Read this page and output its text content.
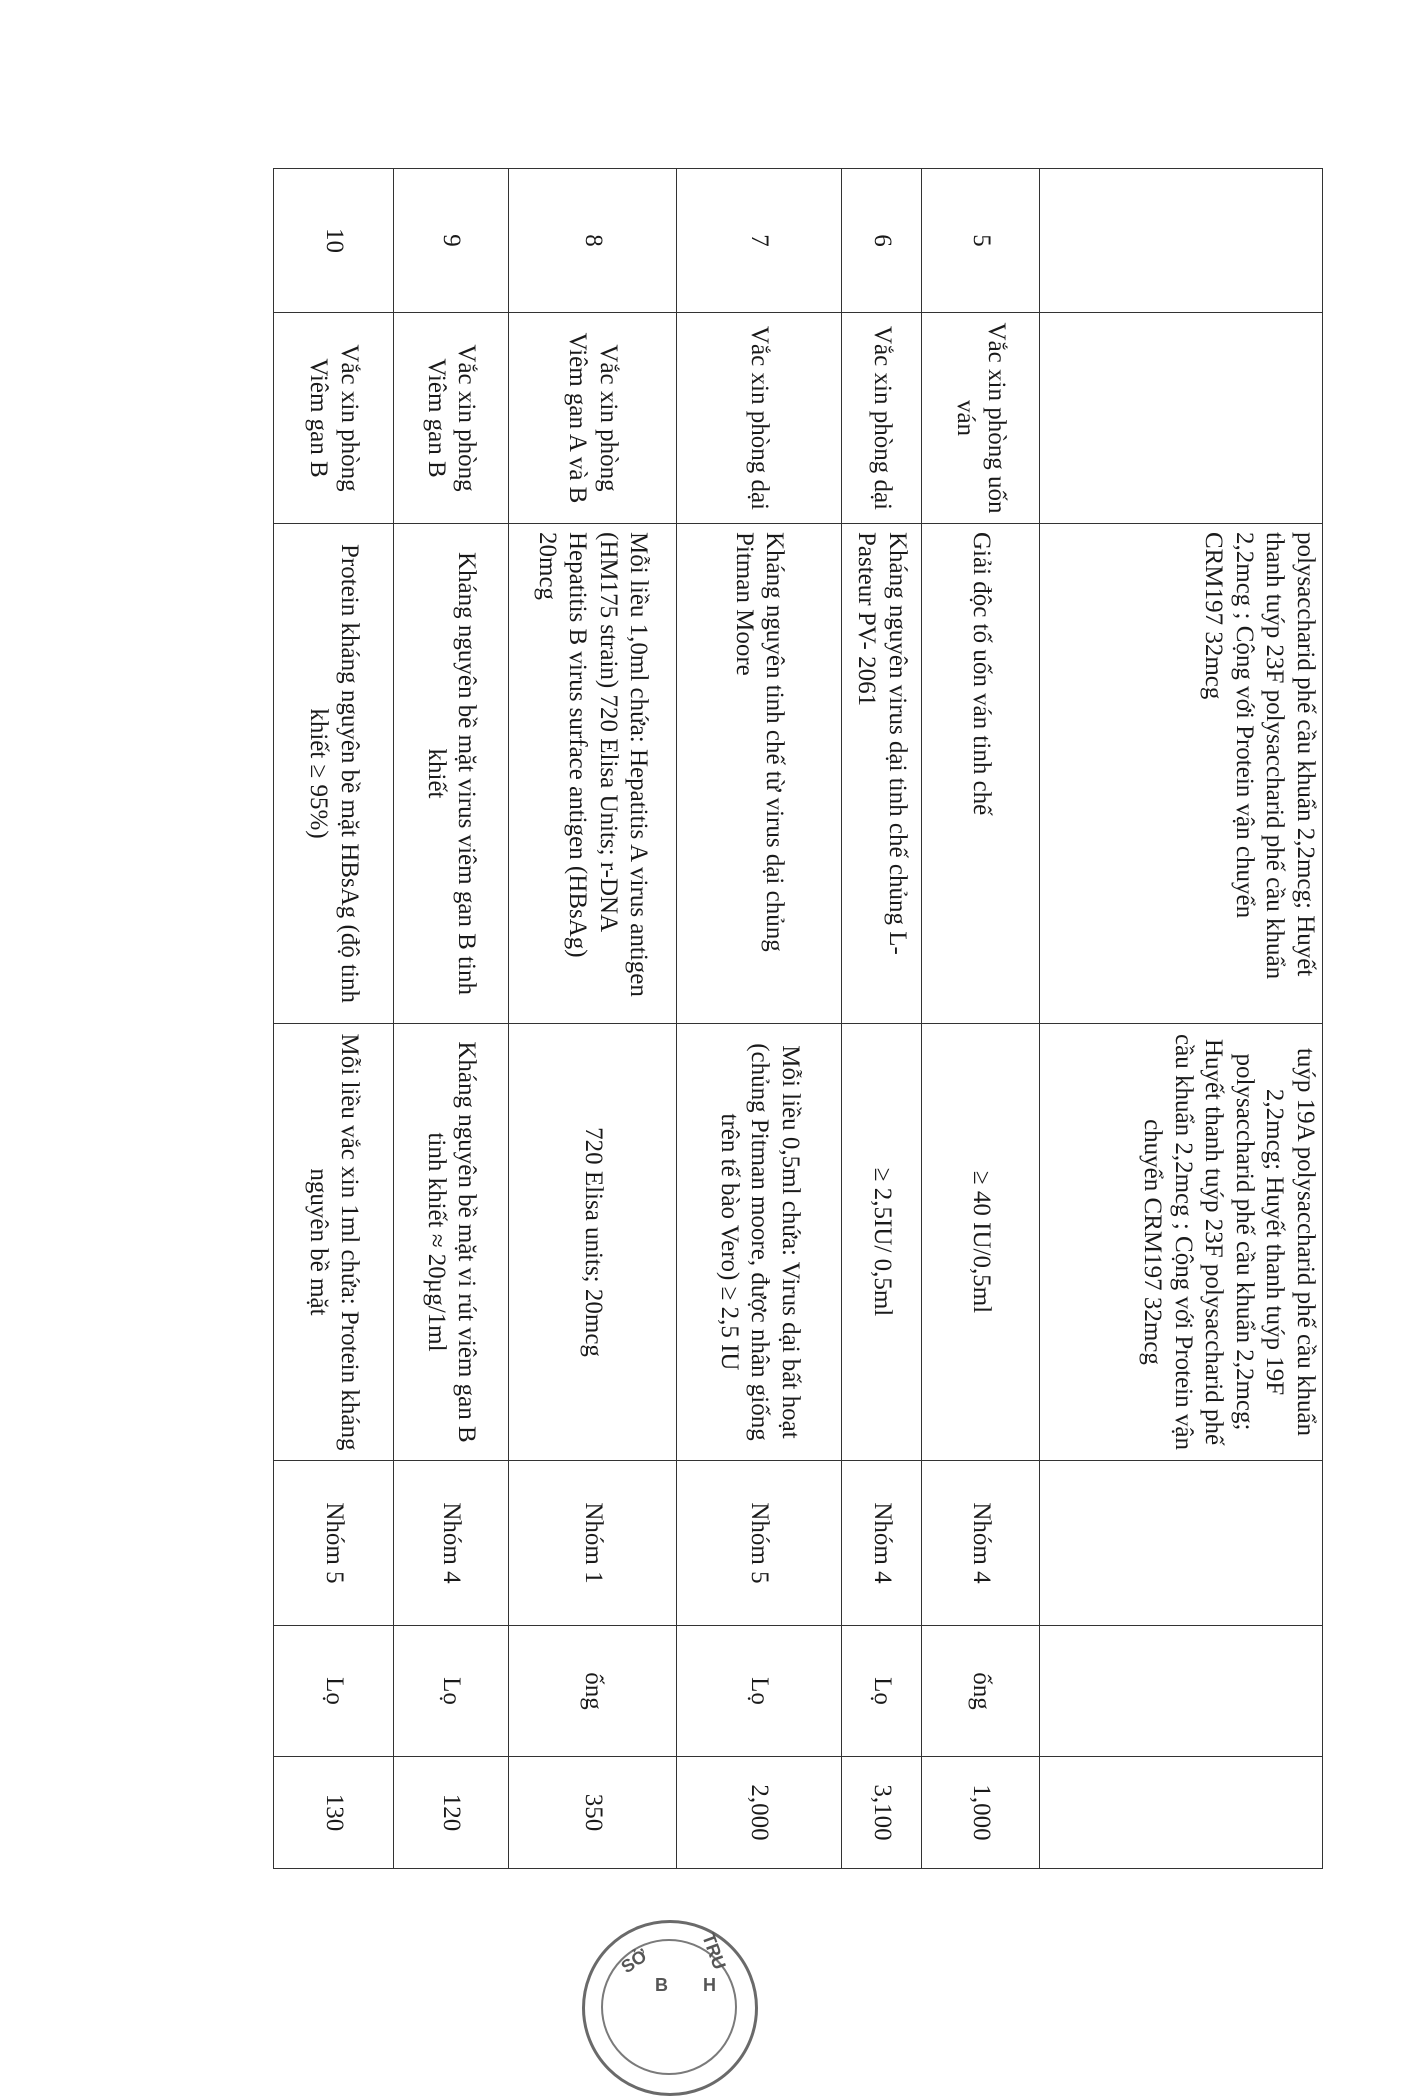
		polysaccharid phế cầu khuẩn 2,2mcg; Huyết thanh tuýp 23F polysaccharid phế cầu khuẩn 2,2mcg ; Cộng với Protein vận chuyển CRM197 32mcg	tuýp 19A polysaccharid phế cầu khuẩn 2,2mcg; Huyết thanh tuýp 19F polysaccharid phế cầu khuẩn 2,2mcg; Huyết thanh tuýp 23F polysaccharid phế cầu khuẩn 2,2mcg ; Cộng với Protein vận chuyển CRM197 32mcg			
5	Vắc xin phòng uốn ván	Giải độc tố uốn ván tinh chế	≥ 40 IU/0,5ml	Nhóm 4	ống	1,000
6	Vắc xin phòng dại	Kháng nguyên virus dại tinh chế chủng L-Pasteur PV- 2061	≥ 2,5IU/ 0,5ml	Nhóm 4	Lọ	3,100
7	Vắc xin phòng dại	Kháng nguyên tinh chế từ virus dại chủng Pitman Moore	Mỗi liều 0,5ml chứa: Virus dại bất hoạt (chủng Pitman moore, được nhân giống trên tế bào Vero) ≥ 2,5 IU	Nhóm 5	Lọ	2,000
8	Vắc xin phòng Viêm gan A và B	Mỗi liều 1,0ml chứa: Hepatitis A virus antigen (HM175 strain) 720 Elisa Units; r-DNA Hepatitis B virus surface antigen (HBsAg) 20mcg	720 Elisa units; 20mcg	Nhóm 1	ống	350
9	Vắc xin phòng Viêm gan B	Kháng nguyên bề mặt virus viêm gan B tinh khiết	Kháng nguyên bề mặt vi rút viêm gan B tinh khiết ≈ 20µg/1ml	Nhóm 4	Lọ	120
10	Vắc xin phòng Viêm gan B	Protein kháng nguyên bề mặt HBsAg (độ tinh khiết ≥ 95%)	Mỗi liều vắc xin 1ml chứa: Protein kháng nguyên bề mặt	Nhóm 5	Lọ	130
SỞ	TRU
H
B
